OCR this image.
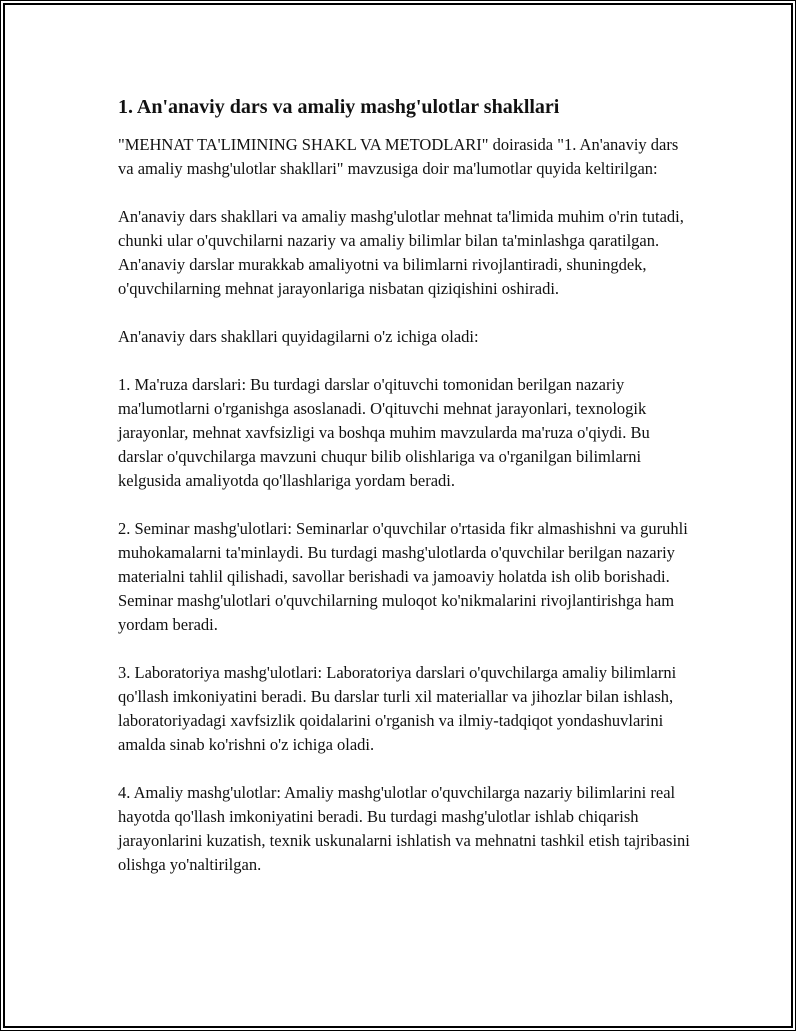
1. An'anaviy dars va amaliy mashg'ulotlar shakllari

"MEHNAT TA'LIMINING SHAKL VA METODLARI" doirasida "1. An'anaviy dars va amaliy mashg'ulotlar shakllari" mavzusiga doir ma'lumotlar quyida keltirilgan:

An'anaviy dars shakllari va amaliy mashg'ulotlar mehnat ta'limida muhim o'rin tutadi, chunki ular o'quvchilarni nazariy va amaliy bilimlar bilan ta'minlashga qaratilgan. An'anaviy darslar murakkab amaliyotni va bilimlarni rivojlantiradi, shuningdek, o'quvchilarning mehnat jarayonlariga nisbatan qiziqishini oshiradi.

An'anaviy dars shakllari quyidagilarni o'z ichiga oladi:

1. Ma'ruza darslari: Bu turdagi darslar o'qituvchi tomonidan berilgan nazariy ma'lumotlarni o'rganishga asoslanadi. O'qituvchi mehnat jarayonlari, texnologik jarayonlar, mehnat xavfsizligi va boshqa muhim mavzularda ma'ruza o'qiydi. Bu darslar o'quvchilarga mavzuni chuqur bilib olishlariga va o'rganilgan bilimlarni kelgusida amaliyotda qo'llashlariga yordam beradi.

2. Seminar mashg'ulotlari: Seminarlar o'quvchilar o'rtasida fikr almashishni va guruhli muhokamalarni ta'minlaydi. Bu turdagi mashg'ulotlarda o'quvchilar berilgan nazariy materialni tahlil qilishadi, savollar berishadi va jamoaviy holatda ish olib borishadi. Seminar mashg'ulotlari o'quvchilarning muloqot ko'nikmalarini rivojlantirishga ham yordam beradi.

3. Laboratoriya mashg'ulotlari: Laboratoriya darslari o'quvchilarga amaliy bilimlarni qo'llash imkoniyatini beradi. Bu darslar turli xil materiallar va jihozlar bilan ishlash, laboratoriyadagi xavfsizlik qoidalarini o'rganish va ilmiy-tadqiqot yondashuvlarini amalda sinab ko'rishni o'z ichiga oladi.

4. Amaliy mashg'ulotlar: Amaliy mashg'ulotlar o'quvchilarga nazariy bilimlarini real hayotda qo'llash imkoniyatini beradi. Bu turdagi mashg'ulotlar ishlab chiqarish jarayonlarini kuzatish, texnik uskunalarni ishlatish va mehnatni tashkil etish tajribasini olishga yo'naltirilgan.
